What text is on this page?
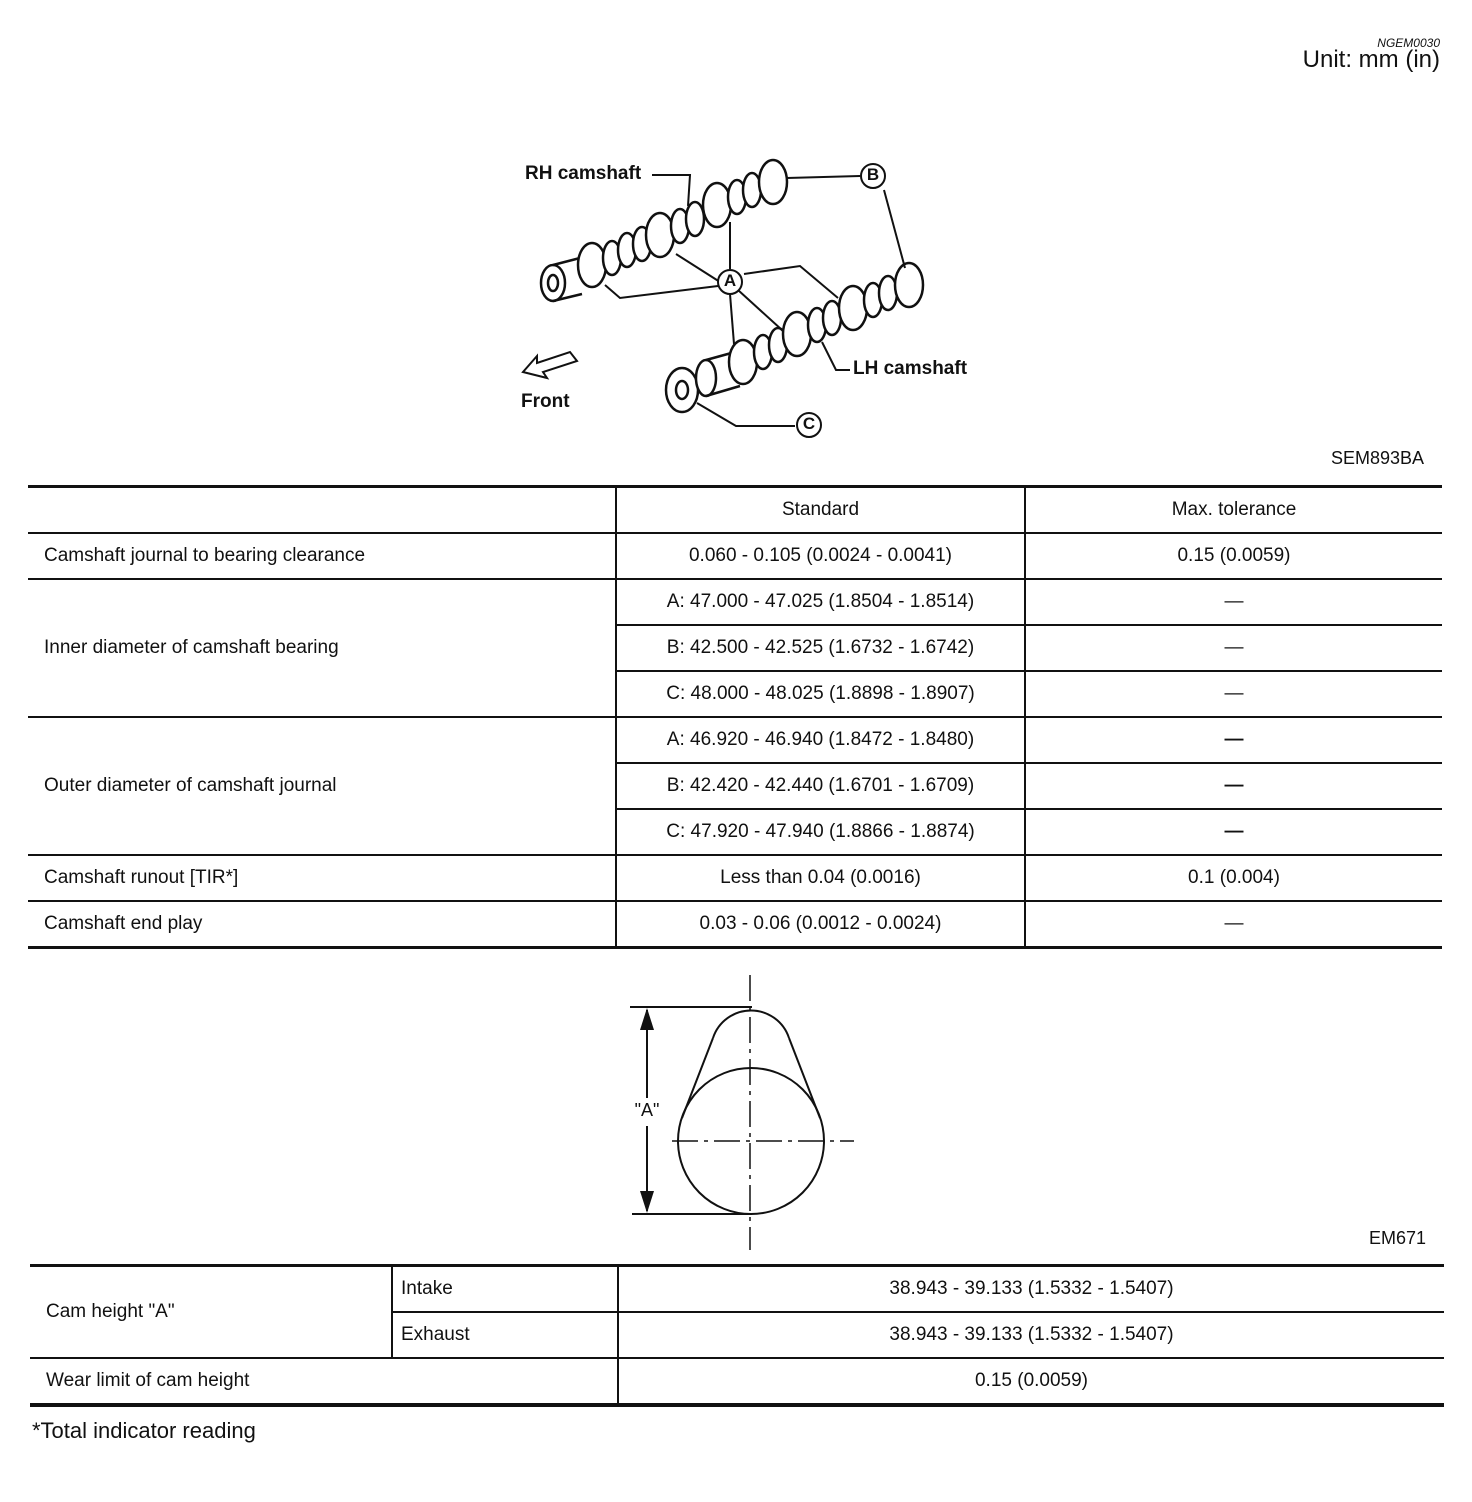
NGEM0030
Unit: mm (in)
A
B
C
RH camshaft
LH camshaft
Front
SEM893BA
	Standard	Max. tolerance
Camshaft journal to bearing clearance	0.060 - 0.105 (0.0024 - 0.0041)	0.15 (0.0059)
Inner diameter of camshaft bearing	A: 47.000 - 47.025 (1.8504 - 1.8514)	—
	B: 42.500 - 42.525 (1.6732 - 1.6742)	—
	C: 48.000 - 48.025 (1.8898 - 1.8907)	—
Outer diameter of camshaft journal	A: 46.920 - 46.940 (1.8472 - 1.8480)	—
	B: 42.420 - 42.440 (1.6701 - 1.6709)	—
	C: 47.920 - 47.940 (1.8866 - 1.8874)	—
Camshaft runout [TIR*]	Less than 0.04 (0.0016)	0.1 (0.004)
Camshaft end play	0.03 - 0.06 (0.0012 - 0.0024)	—
"A"
EM671
Cam height "A"	Intake	38.943 - 39.133 (1.5332 - 1.5407)
	Exhaust	38.943 - 39.133 (1.5332 - 1.5407)
Wear limit of cam height		0.15 (0.0059)
*Total indicator reading
